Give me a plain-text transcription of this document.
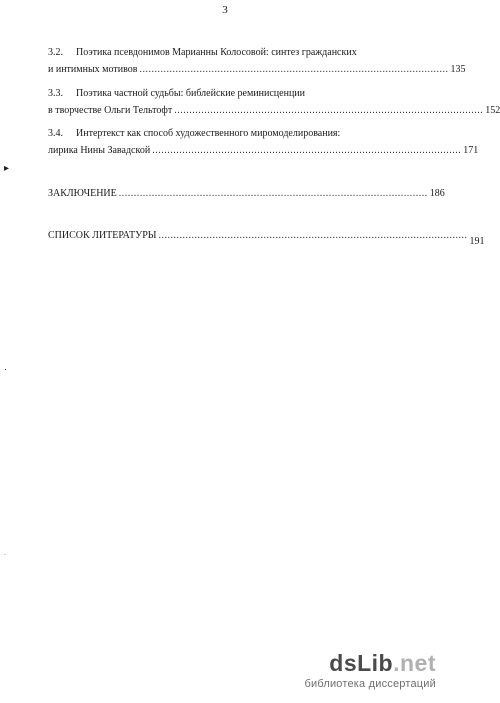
3
3.2. Поэтика псевдонимов Марианны Колосовой: синтез гражданских
и интимных мотивов ....................................................................................................... 135
3.3. Поэтика частной судьбы: библейские реминисценции
в творчестве Ольги Тельтофт ....................................................................................................... 152
3.4. Интертекст как способ художественного миромоделирования:
лирика Нины Завадской ....................................................................................................... 171
ЗАКЛЮЧЕНИЕ ....................................................................................................... 186
СПИСОК ЛИТЕРАТУРЫ .......................................................................................................
191
▸
․
.
dsLib.net
библиотека диссертаций
